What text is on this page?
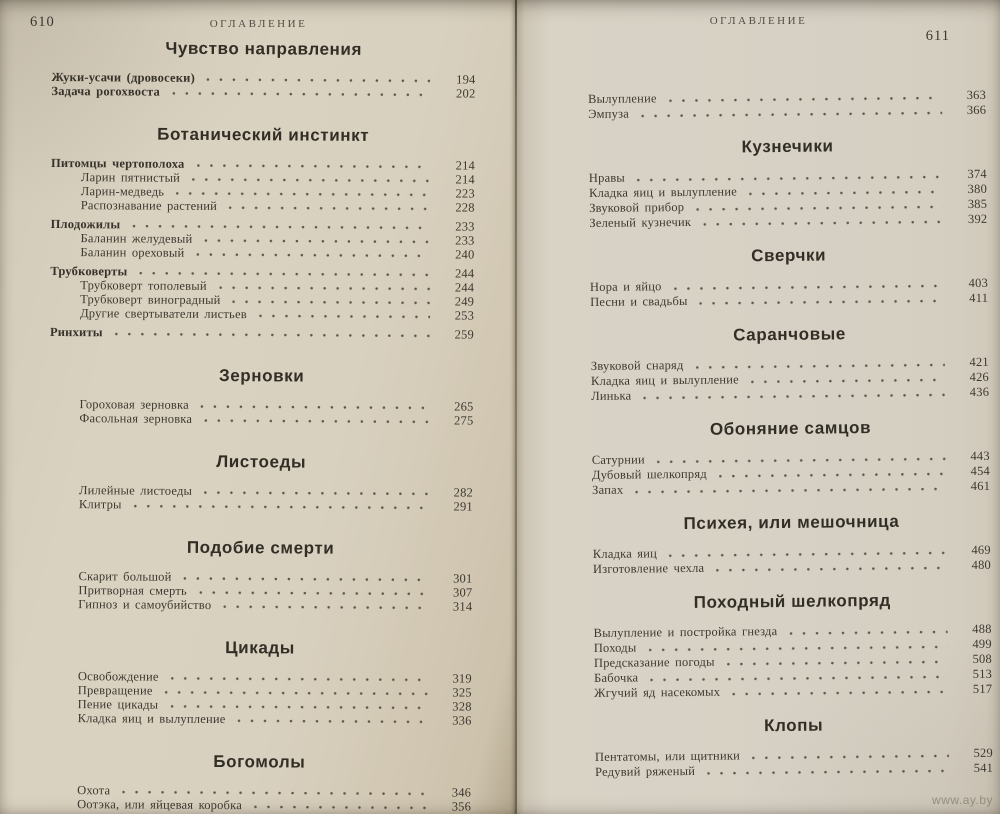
610	ОГЛАВЛЕНИЕ
Чувство направления
Жуки-усачи (дровосеки)	194
Задача рогохвоста	202
Ботанический инстинкт
Питомцы чертополоха	214
Ларин пятнистый	214
Ларин-медведь	223
Распознавание растений	228
Плодожилы	233
Баланин желудевый	233
Баланин ореховый	240
Трубковерты	244
Трубковерт тополевый	244
Трубковерт виноградный	249
Другие свертыватели листьев	253
Ринхиты	259
Зерновки
Гороховая зерновка	265
Фасольная зерновка	275
Листоеды
Лилейные листоеды	282
Клитры	291
Подобие смерти
Скарит большой	301
Притворная смерть	307
Гипноз и самоубийство	314
Цикады
Освобождение	319
Превращение	325
Пение цикады	328
Кладка яиц и вылупление	336
Богомолы
Охота	346
Оотэка, или яйцевая коробка	356
ОГЛАВЛЕНИЕ
611
Вылупление	363
Эмпуза	366
Кузнечики
Нравы	374
Кладка яиц и вылупление	380
Звуковой прибор	385
Зеленый кузнечик	392
Сверчки
Нора и яйцо	403
Песни и свадьбы	411
Саранчовые
Звуковой снаряд	421
Кладка яиц и вылупление	426
Линька	436
Обоняние самцов
Сатурнии	443
Дубовый шелкопряд	454
Запах	461
Психея, или мешочница
Кладка яиц	469
Изготовление чехла	480
Походный шелкопряд
Вылупление и постройка гнезда	488
Походы	499
Предсказание погоды	508
Бабочка	513
Жгучий яд насекомых	517
Клопы
Пентатомы, или щитники	529
Редувий ряженый	541
www.ay.by
